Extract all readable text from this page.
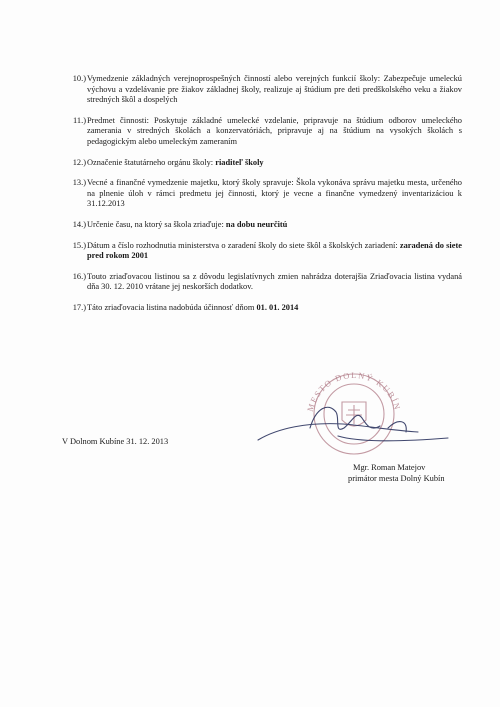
10.) Vymedzenie základných verejnoprospešných činností alebo verejných funkcií školy: Zabezpečuje umeleckú výchovu a vzdelávanie pre žiakov základnej školy, realizuje aj štúdium pre deti predškolského veku a žiakov stredných škôl a dospelých
11.) Predmet činnosti: Poskytuje základné umelecké vzdelanie, pripravuje na štúdium odborov umeleckého zamerania v stredných školách a konzervatóriách, pripravuje aj na štúdium na vysokých školách s pedagogickým alebo umeleckým zameraním
12.) Označenie štatutárneho orgánu školy: riaditeľ školy
13.) Vecné a finančné vymedzenie majetku, ktorý školy spravuje: Škola vykonáva správu majetku mesta, určeného na plnenie úloh v rámci predmetu jej činnosti, ktorý je vecne a finančne vymedzený inventarizáciou k 31.12.2013
14.) Určenie času, na ktorý sa škola zriaďuje: na dobu neurčitú
15.) Dátum a číslo rozhodnutia ministerstva o zaradení školy do siete škôl a školských zariadení: zaradená do siete pred rokom 2001
16.) Touto zriaďovacou listinou sa z dôvodu legislatívnych zmien nahrádza doterajšia Zriaďovacia listina vydaná dňa 30. 12. 2010 vrátane jej neskorších dodatkov.
17.) Táto zriaďovacia listina nadobúda účinnosť dňom 01. 01. 2014
V Dolnom Kubíne 31. 12. 2013
MESTO DOLNÝ KUBÍN
Mgr. Roman Matejov
primátor mesta Dolný Kubín
